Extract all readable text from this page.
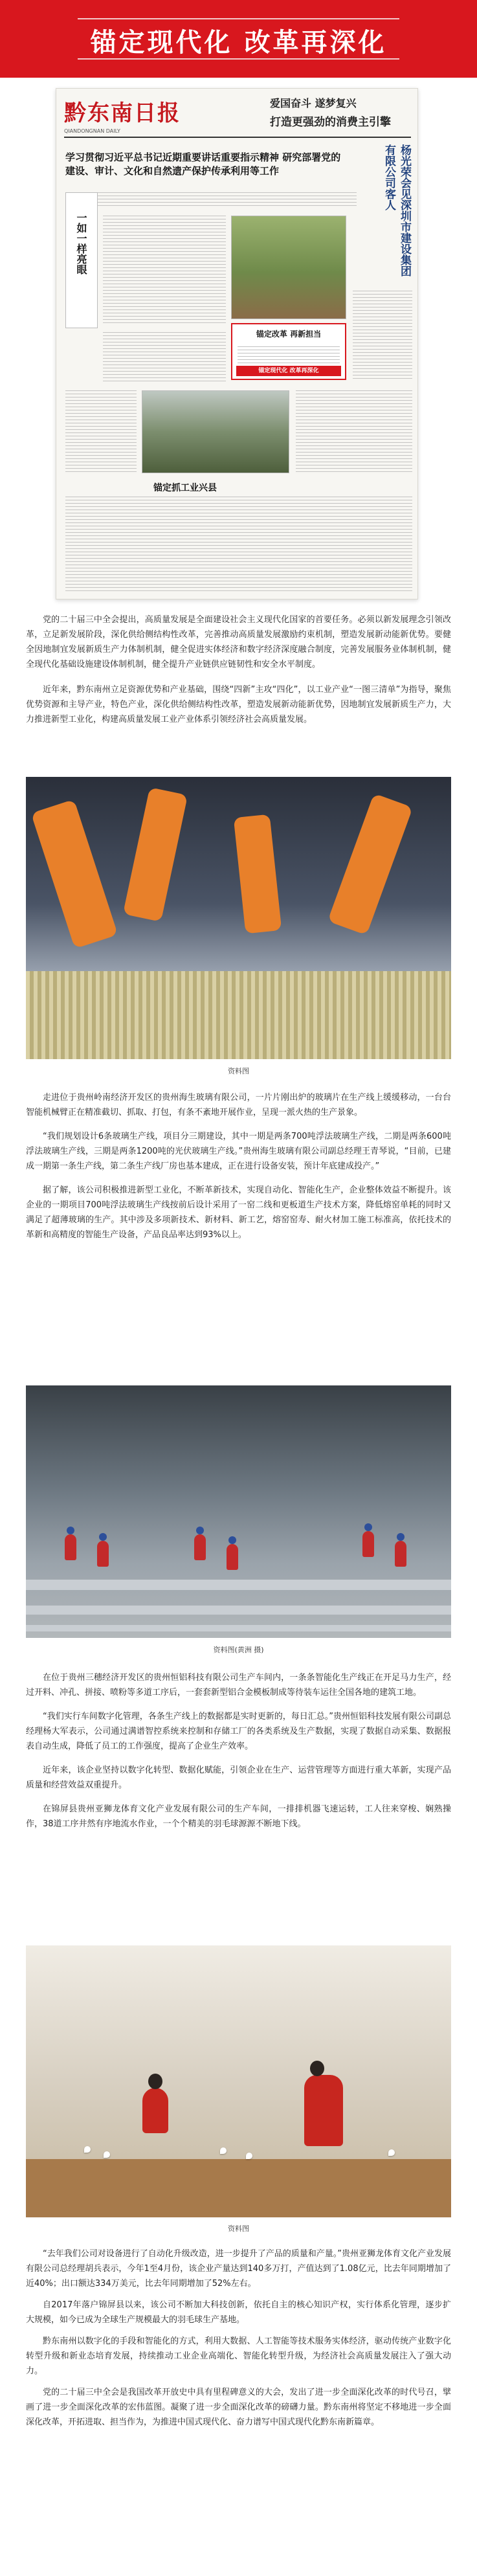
锚定现代化 改革再深化
黔东南日报
QIANDONGNAN DAILY
爱国奋斗 遂梦复兴
打造更强劲的消费主引擎
学习贯彻习近平总书记近期重要讲话重要指示精神 研究部署党的建设、审计、文化和自然遗产保护传承利用等工作	杨光荣会见深圳市建设集团有限公司客人
一如一样亮眼
锚定改革 再新担当
锚定现代化 改革再深化
锚定抓工业兴县

党的二十届三中全会提出，高质量发展是全面建设社会主义现代化国家的首要任务。必须以新发展理念引领改革，立足新发展阶段，深化供给侧结构性改革，完善推动高质量发展激励约束机制，塑造发展新动能新优势。要健全因地制宜发展新质生产力体制机制，健全促进实体经济和数字经济深度融合制度，完善发展服务业体制机制，健全现代化基础设施建设体制机制，健全提升产业链供应链韧性和安全水平制度。

近年来，黔东南州立足资源优势和产业基础，围绕“四新”主攻“四化”，以工业产业“一图三清单”为指导，聚焦优势资源和主导产业，特色产业，深化供给侧结构性改革，塑造发展新动能新优势，因地制宜发展新质生产力，大力推进新型工业化，构建高质量发展工业产业体系引领经济社会高质量发展。

资料图

走进位于贵州岭南经济开发区的贵州海生玻璃有限公司，一片片刚出炉的玻璃片在生产线上缓缓移动，一台台智能机械臂正在精准截切、抓取、打包，有条不紊地开展作业，呈现一派火热的生产景象。

“我们规划设计6条玻璃生产线，项目分三期建设，其中一期是两条700吨浮法玻璃生产线，二期是两条600吨浮法玻璃生产线，三期是两条1200吨的光伏玻璃生产线。”贵州海生玻璃有限公司副总经理王青琴说，“目前，已建成一期第一条生产线，第二条生产线厂房也基本建成，正在进行设备安装，预计年底建成投产。”

据了解，该公司积极推进新型工业化，不断革新技术，实现自动化、智能化生产，企业整体效益不断提升。该企业的一期项目700吨浮法玻璃生产线按前后设计采用了一窑二线和更板道生产技术方案，降低熔窑单耗的同时又满足了超薄玻璃的生产。其中涉及多项新技术、新材料、新工艺，熔窑窑寿、耐火材加工施工标准高，依托技术的革新和高精度的智能生产设备，产品良品率达到93%以上。

资料图(黄洲 摄)

在位于贵州三穗经济开发区的贵州恒铝科技有限公司生产车间内，一条条智能化生产线正在开足马力生产，经过开料、冲孔、拼接、喷粉等多道工序后，一套套新型铝合金模板制成等待装车运往全国各地的建筑工地。

“我们实行车间数字化管理，各条生产线上的数据都是实时更新的，每日汇总。”贵州恒铝科技发展有限公司副总经理杨大军表示，公司通过满谱智控系统来控制和存储工厂的各类系统及生产数据，实现了数据自动采集、数据报表自动生成，降低了员工的工作强度，提高了企业生产效率。

近年来，该企业坚持以数字化转型、数据化赋能，引领企业在生产、运营管理等方面进行重大革新，实现产品质量和经营效益双重提升。

在锦屏县贵州亚狮龙体育文化产业发展有限公司的生产车间，一排排机器飞速运转，工人往来穿梭、娴熟操作，38道工序井然有序地流水作业，一个个精美的羽毛球源源不断地下线。

资料图

“去年我们公司对设备进行了自动化升级改造，进一步提升了产品的质量和产量。”贵州亚狮龙体育文化产业发展有限公司总经理胡兵表示，今年1至4月份，该企业产量达到140多万打，产值达到了1.08亿元，比去年同期增加了近40%；出口额达334万美元，比去年同期增加了52%左右。

自2017年落户锦屏县以来，该公司不断加大科技创新，依托自主的核心知识产权，实行体系化管理，逐步扩大规模，如今已成为全球生产规模最大的羽毛球生产基地。

黔东南州以数字化的手段和智能化的方式，利用大数据、人工智能等技术服务实体经济，驱动传统产业数字化转型升级和新业态培育发展，持续推动工业企业高端化、智能化转型升级，为经济社会高质量发展注入了强大动力。

党的二十届三中全会是我国改革开放史中具有里程碑意义的大会，发出了进一步全面深化改革的时代号召，擘画了进一步全面深化改革的宏伟蓝图。凝聚了进一步全面深化改革的磅礴力量。黔东南州将坚定不移地进一步全面深化改革，开拓进取、担当作为，为推进中国式现代化、奋力谱写中国式现代化黔东南新篇章。
